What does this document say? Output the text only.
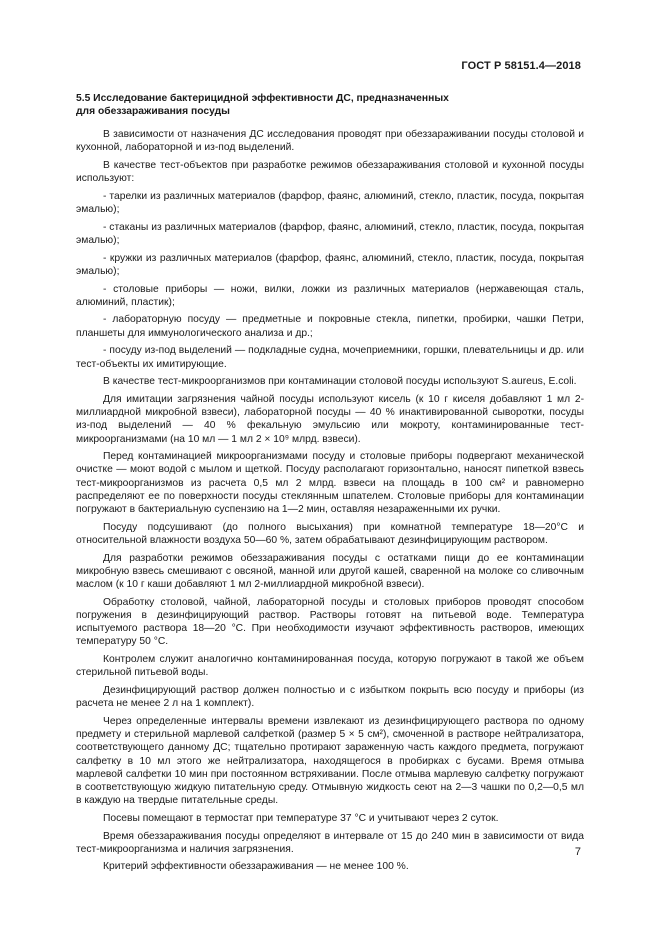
ГОСТ Р 58151.4—2018
5.5 Исследование бактерицидной эффективности ДС, предназначенных
для обеззараживания посуды

В зависимости от назначения ДС исследования проводят при обеззараживании посуды столовой и кухонной, лабораторной и из-под выделений.

В качестве тест-объектов при разработке режимов обеззараживания столовой и кухонной посуды используют:

- тарелки из различных материалов (фарфор, фаянс, алюминий, стекло, пластик, посуда, покрытая эмалью);

- стаканы из различных материалов (фарфор, фаянс, алюминий, стекло, пластик, посуда, покрытая эмалью);

- кружки из различных материалов (фарфор, фаянс, алюминий, стекло, пластик, посуда, покрытая эмалью);

- столовые приборы — ножи, вилки, ложки из различных материалов (нержавеющая сталь, алюминий, пластик);

- лабораторную посуду — предметные и покровные стекла, пипетки, пробирки, чашки Петри, планшеты для иммунологического анализа и др.;

- посуду из-под выделений — подкладные судна, мочеприемники, горшки, плевательницы и др. или тест-объекты их имитирующие.

В качестве тест-микроорганизмов при контаминации столовой посуды используют S.aureus, E.coli.

Для имитации загрязнения чайной посуды используют кисель (к 10 г киселя добавляют 1 мл 2-миллиардной микробной взвеси), лабораторной посуды — 40 % инактивированной сыворотки, посуды из-под выделений — 40 % фекальную эмульсию или мокроту, контаминированные тест-микроорганизмами (на 10 мл — 1 мл 2 × 10⁹ млрд. взвеси).

Перед контаминацией микроорганизмами посуду и столовые приборы подвергают механической очистке — моют водой с мылом и щеткой. Посуду располагают горизонтально, наносят пипеткой взвесь тест-микроорганизмов из расчета 0,5 мл 2 млрд. взвеси на площадь в 100 см² и равномерно распределяют ее по поверхности посуды стеклянным шпателем. Столовые приборы для контаминации погружают в бактериальную суспензию на 1—2 мин, оставляя незараженными их ручки.

Посуду подсушивают (до полного высыхания) при комнатной температуре 18—20°С и относительной влажности воздуха 50—60 %, затем обрабатывают дезинфицирующим раствором.

Для разработки режимов обеззараживания посуды с остатками пищи до ее контаминации микробную взвесь смешивают с овсяной, манной или другой кашей, сваренной на молоке со сливочным маслом (к 10 г каши добавляют 1 мл 2-миллиардной микробной взвеси).

Обработку столовой, чайной, лабораторной посуды и столовых приборов проводят способом погружения в дезинфицирующий раствор. Растворы готовят на питьевой воде. Температура испытуемого раствора 18—20 °С. При необходимости изучают эффективность растворов, имеющих температуру 50 °С.

Контролем служит аналогично контаминированная посуда, которую погружают в такой же объем стерильной питьевой воды.

Дезинфицирующий раствор должен полностью и с избытком покрыть всю посуду и приборы (из расчета не менее 2 л на 1 комплект).

Через определенные интервалы времени извлекают из дезинфицирующего раствора по одному предмету и стерильной марлевой салфеткой (размер 5 × 5 см²), смоченной в растворе нейтрализатора, соответствующего данному ДС; тщательно протирают зараженную часть каждого предмета, погружают салфетку в 10 мл этого же нейтрализатора, находящегося в пробирках с бусами. Время отмыва марлевой салфетки 10 мин при постоянном встряхивании. После отмыва марлевую салфетку погружают в соответствующую жидкую питательную среду. Отмывную жидкость сеют на 2—3 чашки по 0,2—0,5 мл в каждую на твердые питательные среды.

Посевы помещают в термостат при температуре 37 °С и учитывают через 2 суток.

Время обеззараживания посуды определяют в интервале от 15 до 240 мин в зависимости от вида тест-микроорганизма и наличия загрязнения.

Критерий эффективности обеззараживания — не менее 100 %.

7
